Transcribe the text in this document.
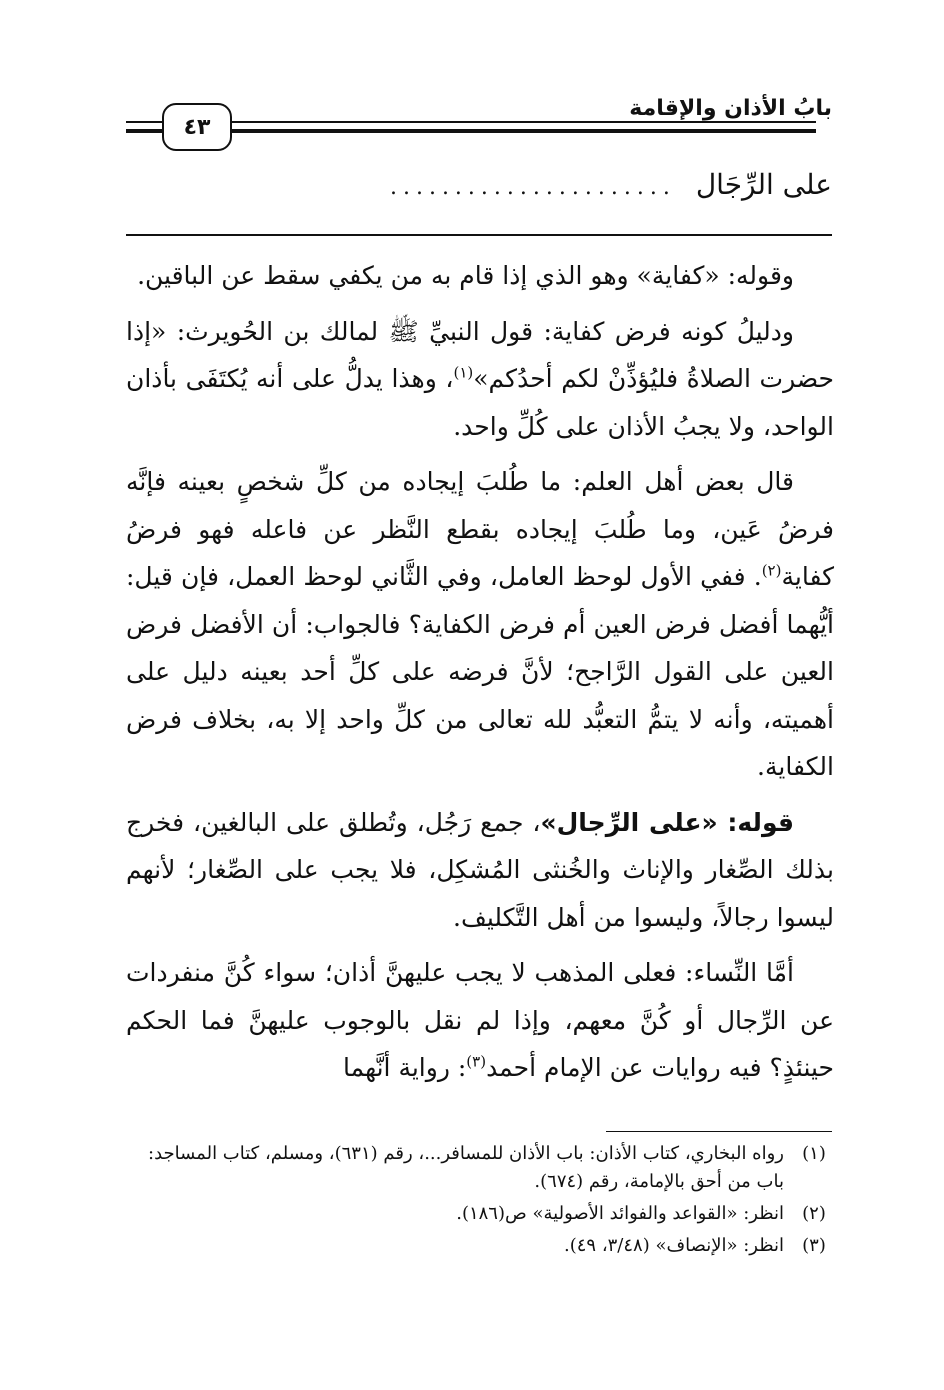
بابُ الأذان والإقامة
٤٣
على الرِّجَال
......................

وقوله: «كفاية» وهو الذي إذا قام به من يكفي سقط عن الباقين.

ودليلُ كونه فرض كفاية: قول النبيِّ ﷺ لمالك بن الحُويرث: «إذا حضرت الصلاةُ فليُؤذِّنْ لكم أحدُكم»$^{(١)}$، وهذا يدلُّ على أنه يُكتَفَى بأذان الواحد، ولا يجبُ الأذان على كُلِّ واحد.

قال بعض أهل العلم: ما طُلبَ إيجاده من كلِّ شخصٍ بعينه فإنَّه فرضُ عَين، وما طُلبَ إيجاده بقطع النَّظر عن فاعله فهو فرضُ كفاية$^{(٢)}$. ففي الأول لوحظ العامل، وفي الثَّاني لوحظ العمل، فإن قيل: أيُّهما أفضل فرض العين أم فرض الكفاية؟ فالجواب: أن الأفضل فرض العين على القول الرَّاجح؛ لأنَّ فرضه على كلِّ أحد بعينه دليل على أهميته، وأنه لا يتمُّ التعبُّد لله تعالى من كلِّ واحد إلا به، بخلاف فرض الكفاية.

قوله: «على الرِّجال»، جمع رَجُل، وتُطلق على البالغين، فخرج بذلك الصِّغار والإناث والخُنثى المُشكِل، فلا يجب على الصِّغار؛ لأنهم ليسوا رجالاً، وليسوا من أهل التَّكليف.

أمَّا النِّساء: فعلى المذهب لا يجب عليهنَّ أذان؛ سواء كُنَّ منفردات عن الرِّجال أو كُنَّ معهم، وإذا لم نقل بالوجوب عليهنَّ فما الحكم حينئذٍ؟ فيه روايات عن الإمام أحمد$^{(٣)}$: رواية أنَّهما

(١)
رواه البخاري، كتاب الأذان: باب الأذان للمسافر...، رقم (٦٣١)، ومسلم، كتاب المساجد: باب من أحق بالإمامة، رقم (٦٧٤).
(٢)
انظر: «القواعد والفوائد الأصولية» ص(١٨٦).
(٣)
انظر: «الإنصاف» (٣/٤٨، ٤٩).
